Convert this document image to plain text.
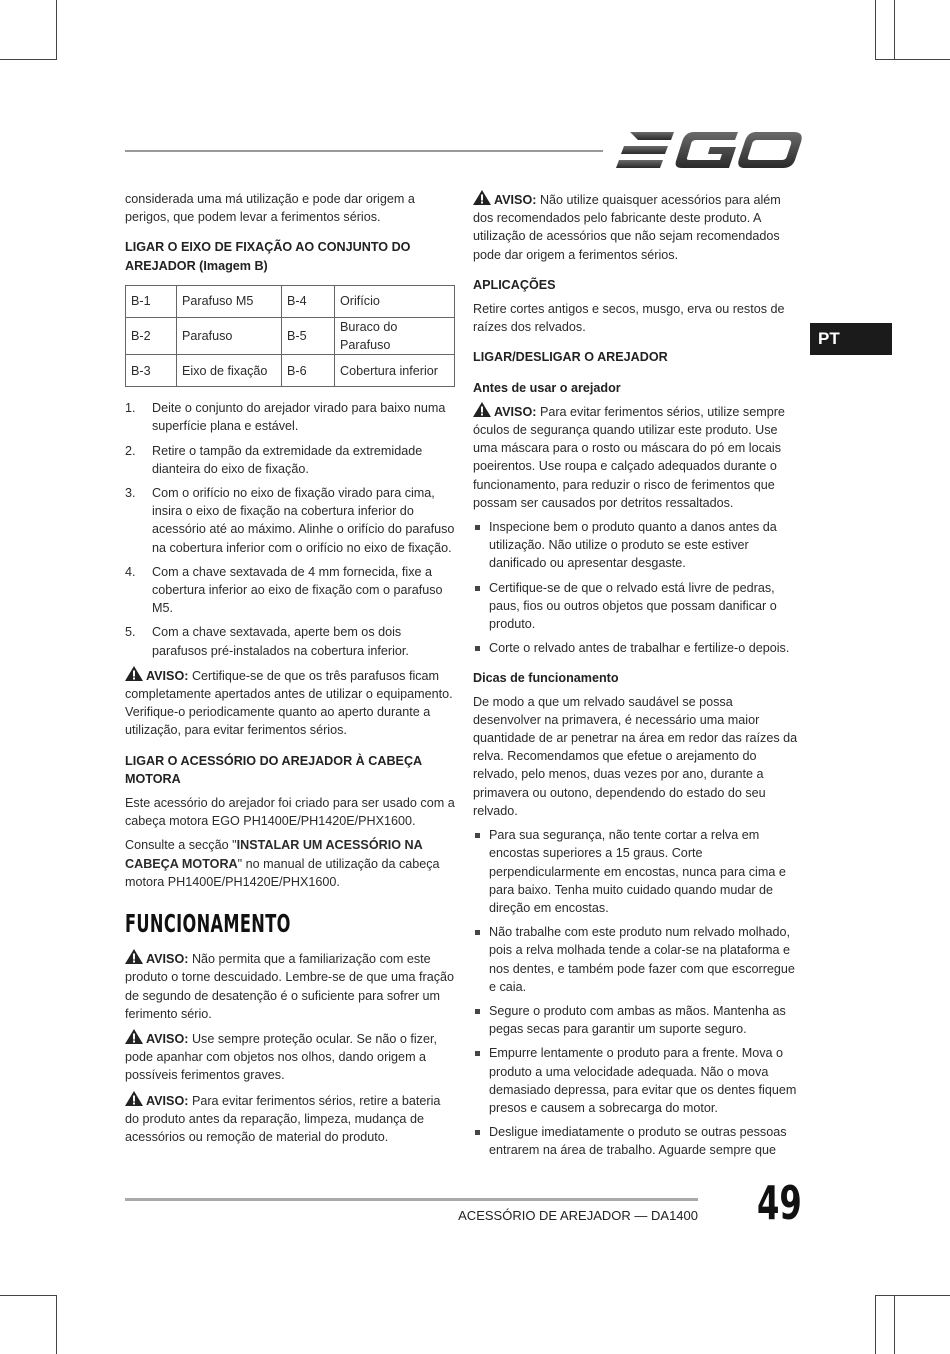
PT

considerada uma má utilização e pode dar origem a perigos, que podem levar a ferimentos sérios.

LIGAR O EIXO DE FIXAÇÃO AO CONJUNTO DO AREJADOR (Imagem B)
B-1	Parafuso M5	B-4	Orifício
B-2	Parafuso	B-5	Buraco do Parafuso
B-3	Eixo de fixação	B-6	Cobertura inferior
1. Deite o conjunto do arejador virado para baixo numa superfície plana e estável.
2. Retire o tampão da extremidade da extremidade dianteira do eixo de fixação.
3. Com o orifício no eixo de fixação virado para cima, insira o eixo de fixação na cobertura inferior do acessório até ao máximo. Alinhe o orifício do parafuso na cobertura inferior com o orifício no eixo de fixação.
4. Com a chave sextavada de 4 mm fornecida, fixe a cobertura inferior ao eixo de fixação com o parafuso M5.
5. Com a chave sextavada, aperte bem os dois parafusos pré-instalados na cobertura inferior.

AVISO: Certifique-se de que os três parafusos ficam completamente apertados antes de utilizar o equipamento. Verifique-o periodicamente quanto ao aperto durante a utilização, para evitar ferimentos sérios.

LIGAR O ACESSÓRIO DO AREJADOR À CABEÇA MOTORA

Este acessório do arejador foi criado para ser usado com a cabeça motora EGO PH1400E/PH1420E/PHX1600.

Consulte a secção "INSTALAR UM ACESSÓRIO NA CABEÇA MOTORA" no manual de utilização da cabeça motora PH1400E/PH1420E/PHX1600.

FUNCIONAMENTO

AVISO: Não permita que a familiarização com este produto o torne descuidado. Lembre-se de que uma fração de segundo de desatenção é o suficiente para sofrer um ferimento sério.

AVISO: Use sempre proteção ocular. Se não o fizer, pode apanhar com objetos nos olhos, dando origem a possíveis ferimentos graves.

AVISO: Para evitar ferimentos sérios, retire a bateria do produto antes da reparação, limpeza, mudança de acessórios ou remoção de material do produto.

AVISO: Não utilize quaisquer acessórios para além dos recomendados pelo fabricante deste produto. A utilização de acessórios que não sejam recomendados pode dar origem a ferimentos sérios.

APLICAÇÕES

Retire cortes antigos e secos, musgo, erva ou restos de raízes dos relvados.

LIGAR/DESLIGAR O AREJADOR
Antes de usar o arejador

AVISO: Para evitar ferimentos sérios, utilize sempre óculos de segurança quando utilizar este produto. Use uma máscara para o rosto ou máscara do pó em locais poeirentos. Use roupa e calçado adequados durante o funcionamento, para reduzir o risco de ferimentos que possam ser causados por detritos ressaltados.

Inspecione bem o produto quanto a danos antes da utilização. Não utilize o produto se este estiver danificado ou apresentar desgaste.
Certifique-se de que o relvado está livre de pedras, paus, fios ou outros objetos que possam danificar o produto.
Corte o relvado antes de trabalhar e fertilize-o depois.
Dicas de funcionamento

De modo a que um relvado saudável se possa desenvolver na primavera, é necessário uma maior quantidade de ar penetrar na área em redor das raízes da relva. Recomendamos que efetue o arejamento do relvado, pelo menos, duas vezes por ano, durante a primavera ou outono, dependendo do estado do seu relvado.

Para sua segurança, não tente cortar a relva em encostas superiores a 15 graus. Corte perpendicularmente em encostas, nunca para cima e para baixo. Tenha muito cuidado quando mudar de direção em encostas.
Não trabalhe com este produto num relvado molhado, pois a relva molhada tende a colar-se na plataforma e nos dentes, e também pode fazer com que escorregue e caia.
Segure o produto com ambas as mãos. Mantenha as pegas secas para garantir um suporte seguro.
Empurre lentamente o produto para a frente. Mova o produto a uma velocidade adequada. Não o mova demasiado depressa, para evitar que os dentes fiquem presos e causem a sobrecarga do motor.
Desligue imediatamente o produto se outras pessoas entrarem na área de trabalho. Aguarde sempre que
ACESSÓRIO DE AREJADOR — DA1400 49
